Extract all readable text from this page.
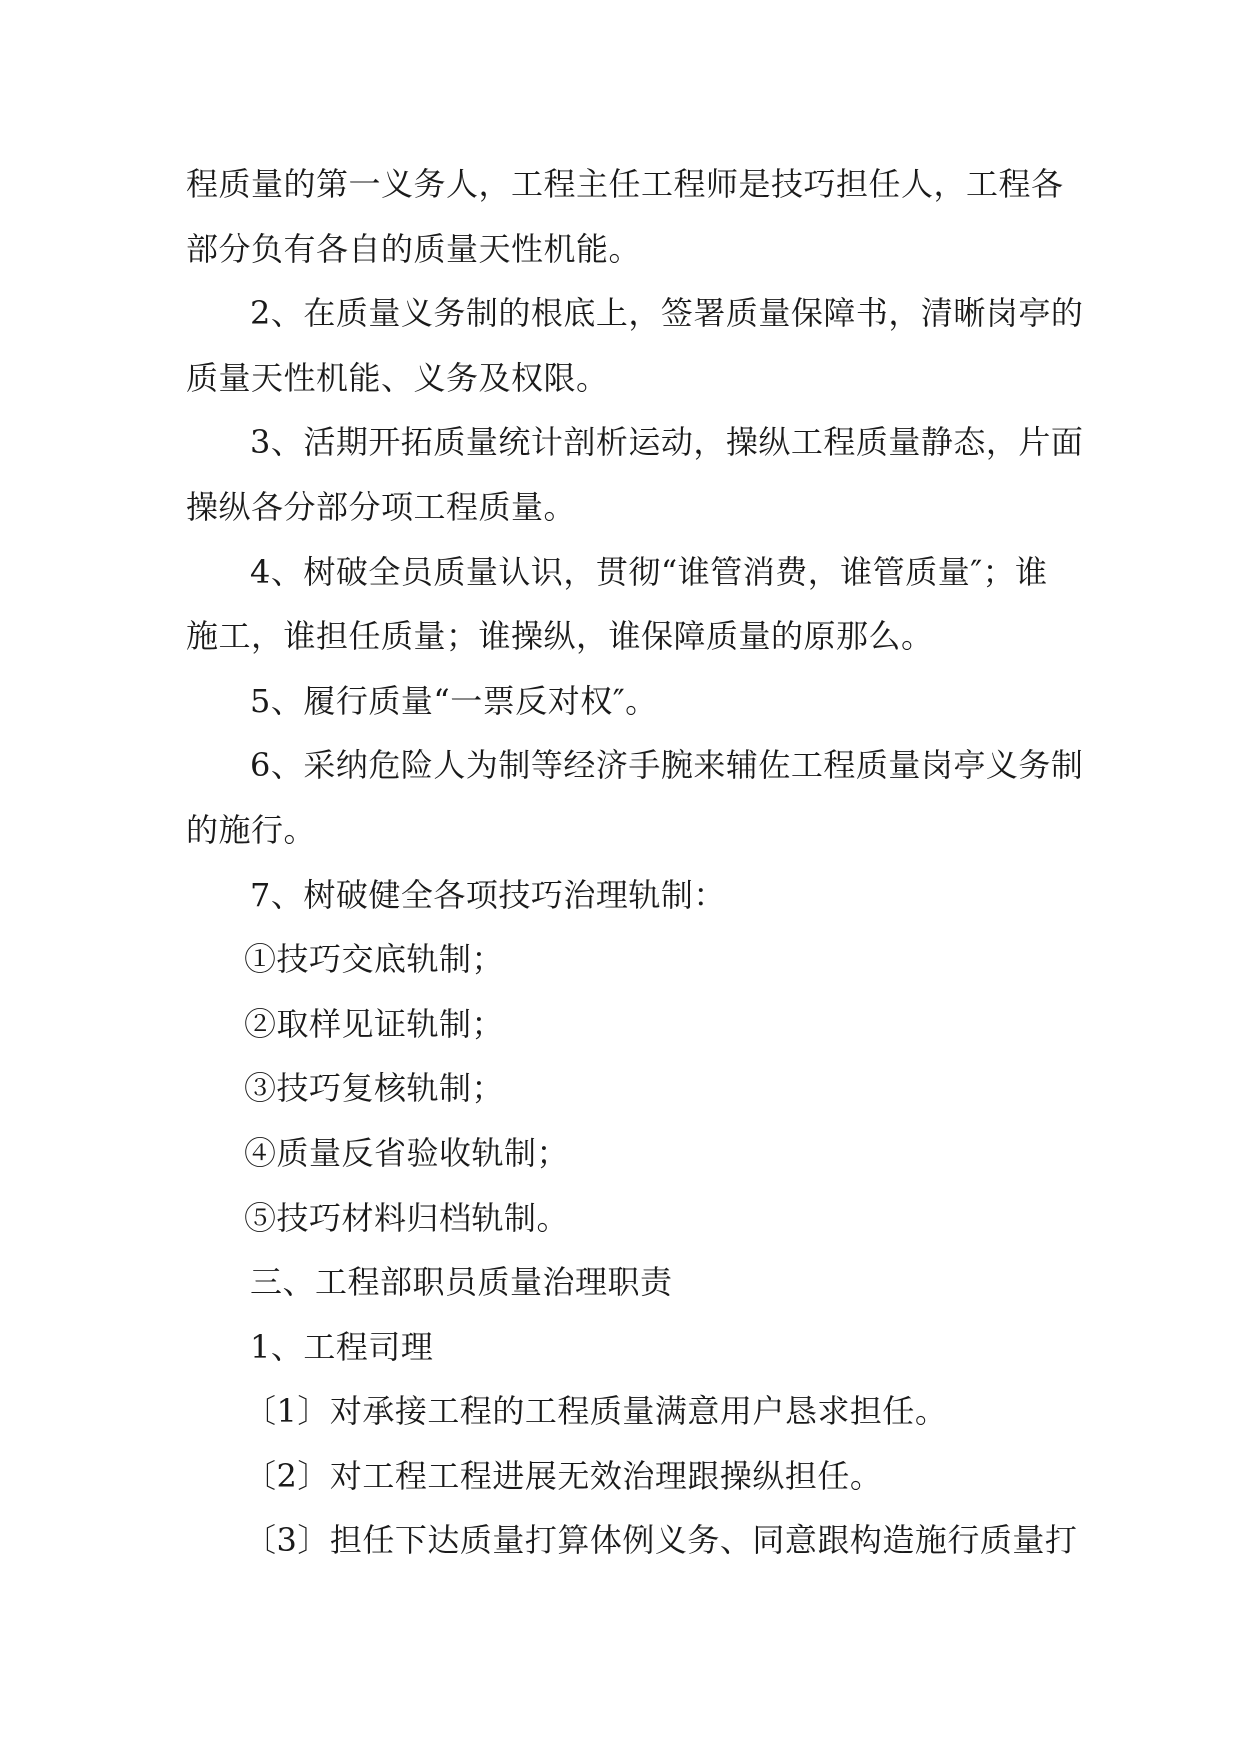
程质量的第一义务人，工程主任工程师是技巧担任人，工程各
部分负有各自的质量天性机能。
2、在质量义务制的根底上，签署质量保障书，清晰岗亭的
质量天性机能、义务及权限。
3、活期开拓质量统计剖析运动，操纵工程质量静态，片面
操纵各分部分项工程质量。
4、树破全员质量认识，贯彻“谁管消费，谁管质量″；谁
施工，谁担任质量；谁操纵，谁保障质量的原那么。
5、履行质量“一票反对权″。
6、采纳危险人为制等经济手腕来辅佐工程质量岗亭义务制
的施行。
7、树破健全各项技巧治理轨制：
①技巧交底轨制；
②取样见证轨制；
③技巧复核轨制；
④质量反省验收轨制；
⑤技巧材料归档轨制。
三、工程部职员质量治理职责
1、工程司理
〔1〕对承接工程的工程质量满意用户恳求担任。
〔2〕对工程工程进展无效治理跟操纵担任。
〔3〕担任下达质量打算体例义务、同意跟构造施行质量打
